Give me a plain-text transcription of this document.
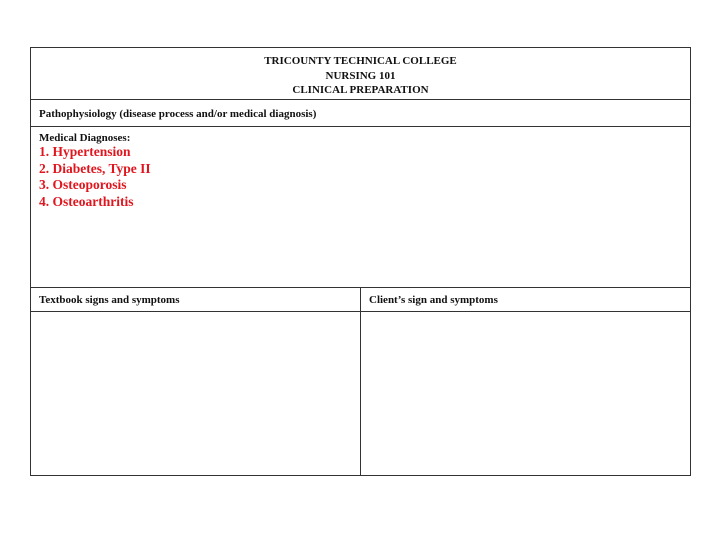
TRICOUNTY TECHNICAL COLLEGE
NURSING 101
CLINICAL PREPARATION
Pathophysiology (disease process and/or medical diagnosis)
Medical Diagnoses:
1. Hypertension
2. Diabetes, Type II
3. Osteoporosis
4. Osteoarthritis
Textbook signs and symptoms	Client’s sign and symptoms
